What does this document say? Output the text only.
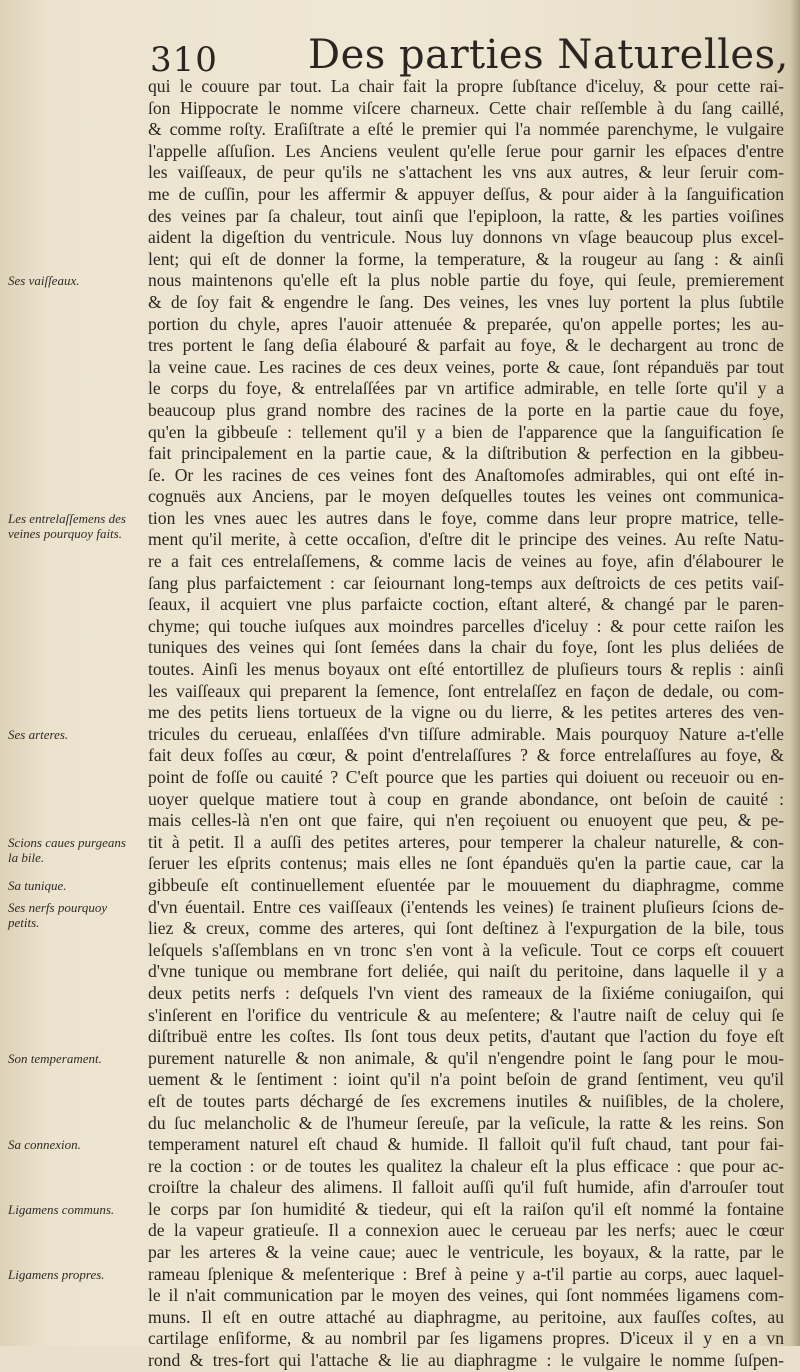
310 Des parties Naturelles,
Ses vaiſſeaux.
Les entrelaſſemens des veines pourquoy faits.
Ses arteres.
Scions caues purgeans la bile.
Sa tunique.
Ses nerfs pourquoy petits.
Son temperament.
Sa connexion.
Ligamens communs.
Ligamens propres.
qui le couure par tout. La chair fait la propre ſubſtance d'iceluy, & pour cette rai-
ſon Hippocrate le nomme viſcere charneux. Cette chair reſſemble à du ſang caillé,
& comme roſty. Eraſiſtrate a eſté le premier qui l'a nommée parenchyme, le vulgaire
l'appelle aſſuſion. Les Anciens veulent qu'elle ſerue pour garnir les eſpaces d'entre
les vaiſſeaux, de peur qu'ils ne s'attachent les vns aux autres, & leur ſeruir com-
me de cuſſin, pour les affermir & appuyer deſſus, & pour aider à la ſanguification
des veines par ſa chaleur, tout ainſi que l'epiploon, la ratte, & les parties voiſines
aident la digeſtion du ventricule. Nous luy donnons vn vſage beaucoup plus excel-
lent; qui eſt de donner la forme, la temperature, & la rougeur au ſang : & ainſi
nous maintenons qu'elle eſt la plus noble partie du foye, qui ſeule, premierement
& de ſoy fait & engendre le ſang. Des veines, les vnes luy portent la plus ſubtile
portion du chyle, apres l'auoir attenuée & preparée, qu'on appelle portes; les au-
tres portent le ſang deſia élabouré & parfait au foye, & le dechargent au tronc de
la veine caue. Les racines de ces deux veines, porte & caue, ſont répanduës par tout
le corps du foye, & entrelaſſées par vn artifice admirable, en telle ſorte qu'il y a
beaucoup plus grand nombre des racines de la porte en la partie caue du foye,
qu'en la gibbeuſe : tellement qu'il y a bien de l'apparence que la ſanguification ſe
fait principalement en la partie caue, & la diſtribution & perfection en la gibbeu-
ſe. Or les racines de ces veines font des Anaſtomoſes admirables, qui ont eſté in-
cognuës aux Anciens, par le moyen deſquelles toutes les veines ont communica-
tion les vnes auec les autres dans le foye, comme dans leur propre matrice, telle-
ment qu'il merite, à cette occaſion, d'eſtre dit le principe des veines. Au reſte Natu-
re a fait ces entrelaſſemens, & comme lacis de veines au foye, afin d'élabourer le
ſang plus parfaictement : car ſeiournant long-temps aux deſtroicts de ces petits vaiſ-
ſeaux, il acquiert vne plus parfaicte coction, eſtant alteré, & changé par le paren-
chyme; qui touche iuſques aux moindres parcelles d'iceluy : & pour cette raiſon les
tuniques des veines qui ſont ſemées dans la chair du foye, ſont les plus deliées de
toutes. Ainſi les menus boyaux ont eſté entortillez de pluſieurs tours & replis : ainſi
les vaiſſeaux qui preparent la ſemence, ſont entrelaſſez en façon de dedale, ou com-
me des petits liens tortueux de la vigne ou du lierre, & les petites arteres des ven-
tricules du cerueau, enlaſſées d'vn tiſſure admirable. Mais pourquoy Nature a-t'elle
fait deux foſſes au cœur, & point d'entrelaſſures ? & force entrelaſſures au foye, &
point de foſſe ou cauité ? C'eſt pource que les parties qui doiuent ou receuoir ou en-
uoyer quelque matiere tout à coup en grande abondance, ont beſoin de cauité :
mais celles-là n'en ont que faire, qui n'en reçoiuent ou enuoyent que peu, & pe-
tit à petit. Il a auſſi des petites arteres, pour temperer la chaleur naturelle, & con-
ſeruer les eſprits contenus; mais elles ne ſont épanduës qu'en la partie caue, car la
gibbeuſe eſt continuellement eſuentée par le mouuement du diaphragme, comme
d'vn éuentail. Entre ces vaiſſeaux (i'entends les veines) ſe trainent pluſieurs ſcions de-
liez & creux, comme des arteres, qui ſont deſtinez à l'expurgation de la bile, tous
leſquels s'aſſemblans en vn tronc s'en vont à la veſicule. Tout ce corps eſt couuert
d'vne tunique ou membrane fort deliée, qui naiſt du peritoine, dans laquelle il y a
deux petits nerfs : deſquels l'vn vient des rameaux de la ſixiéme coniugaiſon, qui
s'inſerent en l'orifice du ventricule & au meſentere; & l'autre naiſt de celuy qui ſe
diſtribuë entre les coſtes. Ils ſont tous deux petits, d'autant que l'action du foye eſt
purement naturelle & non animale, & qu'il n'engendre point le ſang pour le mou-
uement & le ſentiment : ioint qu'il n'a point beſoin de grand ſentiment, veu qu'il
eſt de toutes parts déchargé de ſes excremens inutiles & nuiſibles, de la cholere,
du ſuc melancholic & de l'humeur ſereuſe, par la veſicule, la ratte & les reins. Son
temperament naturel eſt chaud & humide. Il falloit qu'il fuſt chaud, tant pour fai-
re la coction : or de toutes les qualitez la chaleur eſt la plus efficace : que pour ac-
croiſtre la chaleur des alimens. Il falloit auſſi qu'il fuſt humide, afin d'arrouſer tout
le corps par ſon humidité & tiedeur, qui eſt la raiſon qu'il eſt nommé la fontaine
de la vapeur gratieuſe. Il a connexion auec le cerueau par les nerfs; auec le cœur
par les arteres & la veine caue; auec le ventricule, les boyaux, & la ratte, par le
rameau ſplenique & meſenterique : Bref à peine y a-t'il partie au corps, auec laquel-
le il n'ait communication par le moyen des veines, qui ſont nommées ligamens com-
muns. Il eſt en outre attaché au diaphragme, au peritoine, aux fauſſes coſtes, au
cartilage enſiforme, & au nombril par ſes ligamens propres. D'iceux il y en a vn
rond & tres-fort qui l'attache & lie au diaphragme : le vulgaire le nomme ſuſpen-
